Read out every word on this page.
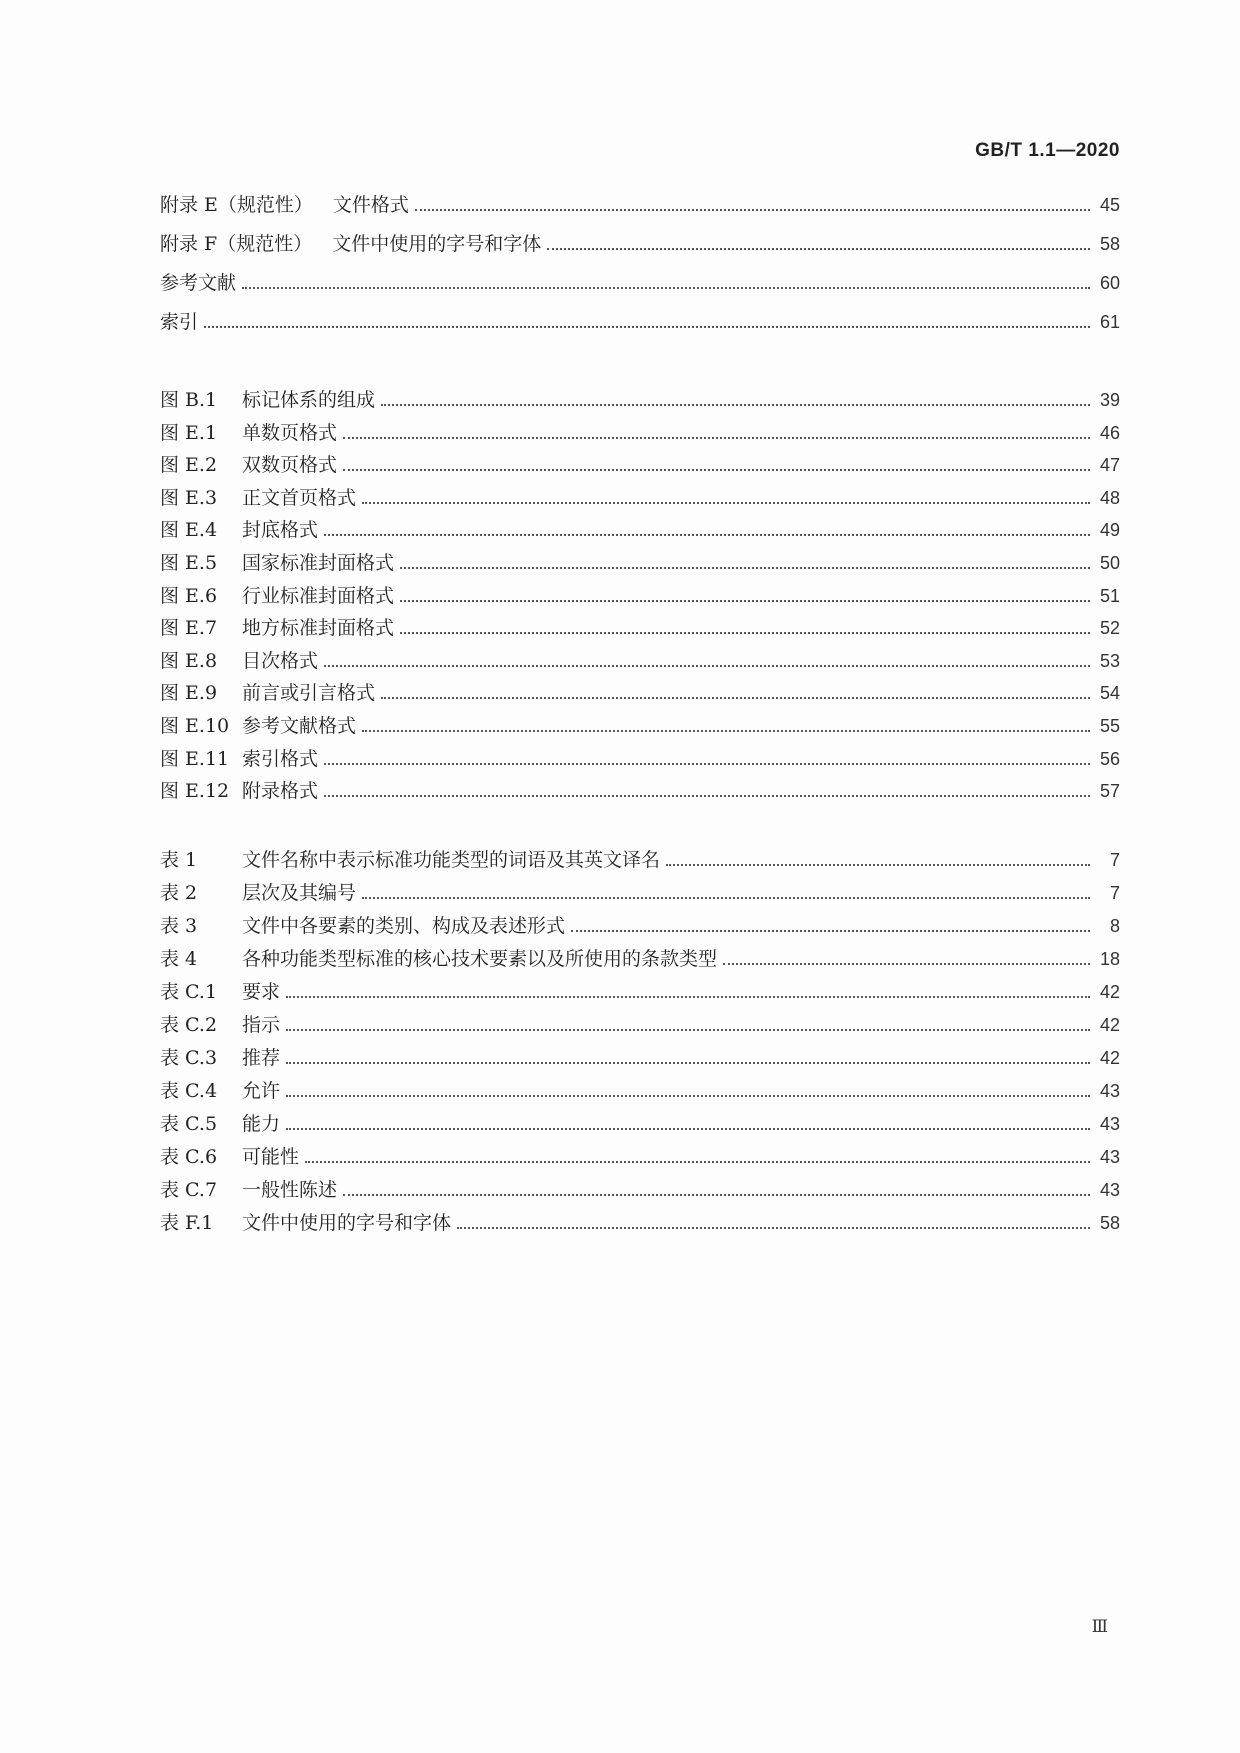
GB/T 1.1—2020
附录 E（规范性） 文件格式	45
附录 F（规范性） 文件中使用的字号和字体	58
参考文献	60
索引	61
图 B.1	标记体系的组成	39
图 E.1	单数页格式	46
图 E.2	双数页格式	47
图 E.3	正文首页格式	48
图 E.4	封底格式	49
图 E.5	国家标准封面格式	50
图 E.6	行业标准封面格式	51
图 E.7	地方标准封面格式	52
图 E.8	目次格式	53
图 E.9	前言或引言格式	54
图 E.10 参考文献格式	55
图 E.11 索引格式	56
图 E.12 附录格式	57
表 1	文件名称中表示标准功能类型的词语及其英文译名	7
表 2	层次及其编号	7
表 3	文件中各要素的类别、构成及表述形式	8
表 4	各种功能类型标准的核心技术要素以及所使用的条款类型	18
表 C.1	要求	42
表 C.2	指示	42
表 C.3	推荐	42
表 C.4	允许	43
表 C.5	能力	43
表 C.6	可能性	43
表 C.7	一般性陈述	43
表 F.1	文件中使用的字号和字体	58
Ⅲ
